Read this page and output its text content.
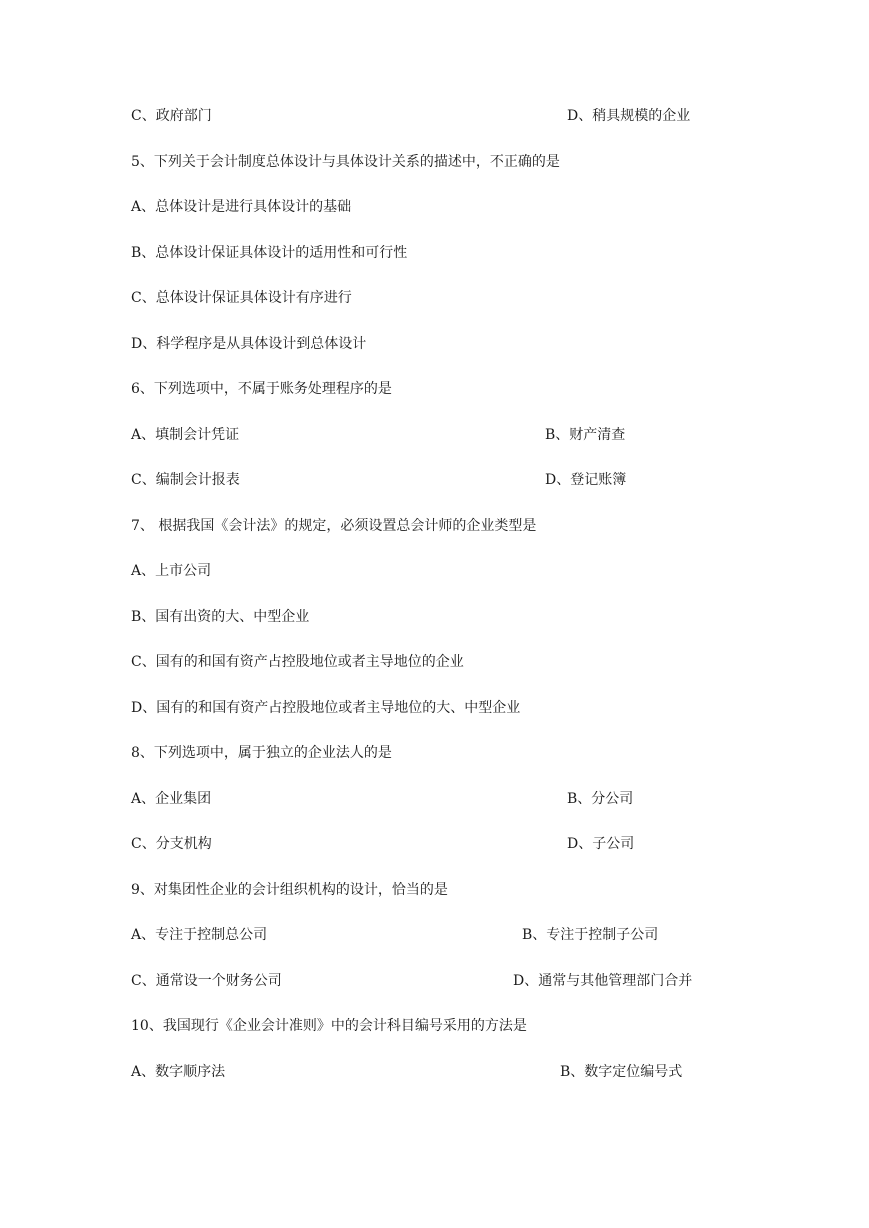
C、政府部门	D、稍具规模的企业
5、下列关于会计制度总体设计与具体设计关系的描述中，不正确的是
A、总体设计是进行具体设计的基础
B、总体设计保证具体设计的适用性和可行性
C、总体设计保证具体设计有序进行
D、科学程序是从具体设计到总体设计
6、下列选项中，不属于账务处理程序的是
A、填制会计凭证	B、财产清查
C、编制会计报表	D、登记账簿
7、 根据我国《会计法》的规定，必须设置总会计师的企业类型是
A、上市公司
B、国有出资的大、中型企业
C、国有的和国有资产占控股地位或者主导地位的企业
D、国有的和国有资产占控股地位或者主导地位的大、中型企业
8、下列选项中，属于独立的企业法人的是
A、企业集团	B、分公司
C、分支机构	D、子公司
9、对集团性企业的会计组织机构的设计，恰当的是
A、专注于控制总公司	B、专注于控制子公司
C、通常设一个财务公司	D、通常与其他管理部门合并
10、我国现行《企业会计准则》中的会计科目编号采用的方法是
A、数字顺序法	B、数字定位编号式
